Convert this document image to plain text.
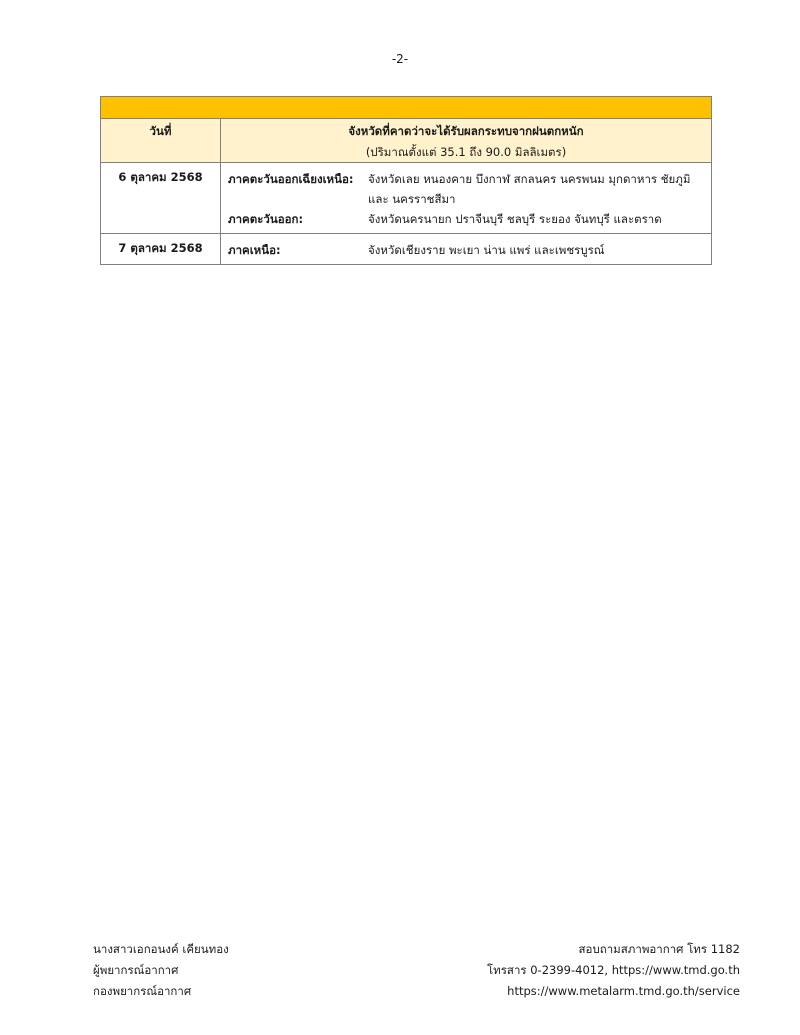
-2-

วันที่	จังหวัดที่คาดว่าจะได้รับผลกระทบจากฝนตกหนัก
(ปริมาณตั้งแต่ 35.1 ถึง 90.0 มิลลิเมตร)

6 ตุลาคม 2568	ภาคตะวันออกเฉียงเหนือ: จังหวัดเลย หนองคาย บึงกาฬ สกลนคร นครพนม มุกดาหาร ชัยภูมิ และ นครราชสีมา
ภาคตะวันออก: จังหวัดนครนายก ปราจีนบุรี ชลบุรี ระยอง จันทบุรี และตราด

7 ตุลาคม 2568	ภาคเหนือ: จังหวัดเชียงราย พะเยา น่าน แพร่ และเพชรบูรณ์
นางสาวเอกอนงค์ เคียนทอง
ผู้พยากรณ์อากาศ
กองพยากรณ์อากาศ
สอบถามสภาพอากาศ โทร 1182
โทรสาร 0-2399-4012, https://www.tmd.go.th
https://www.metalarm.tmd.go.th/service
